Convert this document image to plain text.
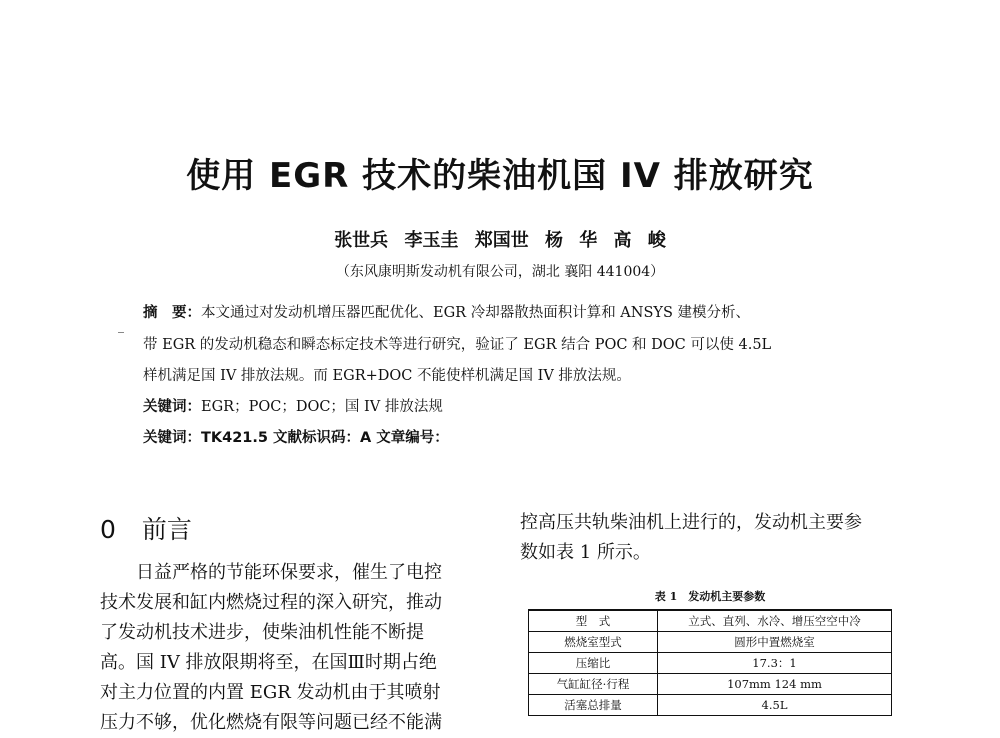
使用 EGR 技术的柴油机国 IV 排放研究
张世兵 李玉圭 郑国世 杨 华 高 峻
（东风康明斯发动机有限公司，湖北 襄阳 441004）
摘　要：本文通过对发动机增压器匹配优化、EGR 冷却器散热面积计算和 ANSYS 建模分析、
带 EGR 的发动机稳态和瞬态标定技术等进行研究，验证了 EGR 结合 POC 和 DOC 可以使 4.5L
样机满足国 IV 排放法规。而 EGR+DOC 不能使样机满足国 IV 排放法规。
关键词：EGR；POC；DOC；国 IV 排放法规
关键词：TK421.5 文献标识码：A 文章编号：
0 前言
　　日益严格的节能环保要求，催生了电控
技术发展和缸内燃烧过程的深入研究，推动
了发动机技术进步，使柴油机性能不断提
高。国 IV 排放限期将至，在国Ⅲ时期占绝
对主力位置的内置 EGR 发动机由于其喷射
压力不够，优化燃烧有限等问题已经不能满
控高压共轨柴油机上进行的，发动机主要参
数如表 1 所示。
表 1　发动机主要参数
型　式	立式、直列、水冷、增压空空中冷
燃烧室型式	圆形中置燃烧室
压缩比	17.3：1
气缸缸径·行程	107mm 124 mm
活塞总排量	4.5L
